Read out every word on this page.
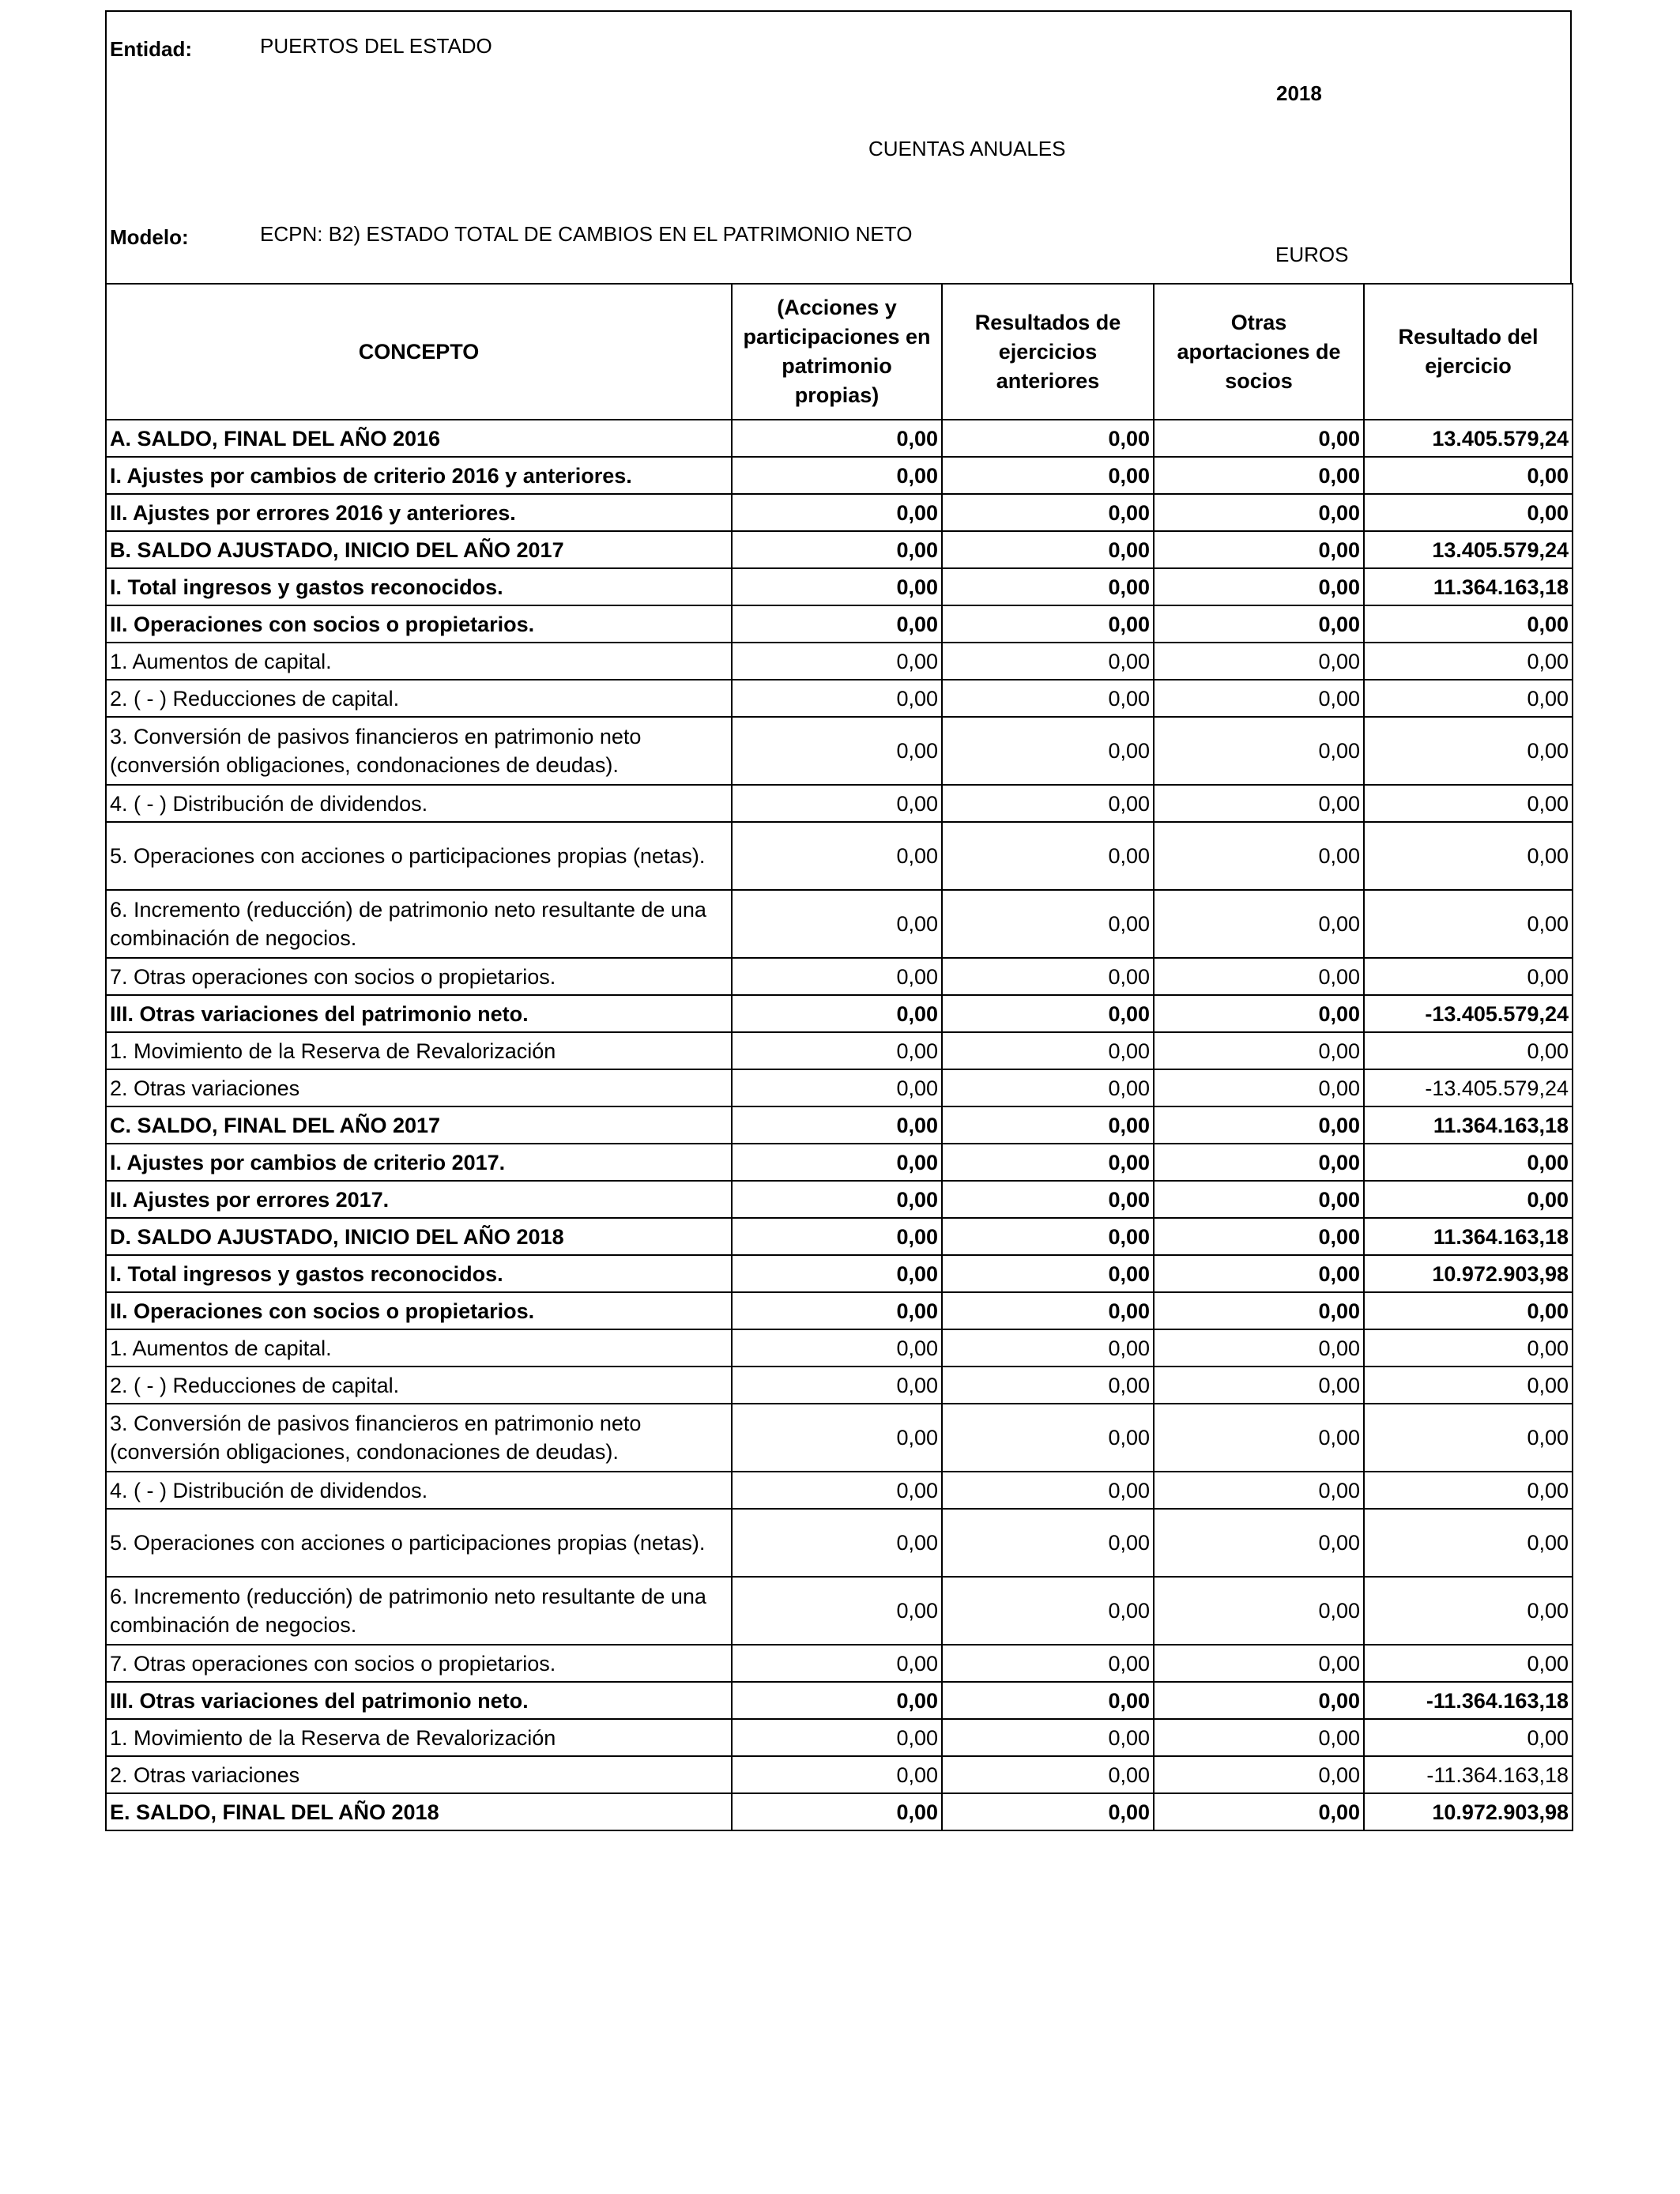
Entidad:	PUERTOS DEL ESTADO
2018
CUENTAS ANUALES
Modelo:	ECPN: B2) ESTADO TOTAL DE CAMBIOS EN EL PATRIMONIO NETO
EUROS
CONCEPTO	(Acciones y participaciones en patrimonio propias)	Resultados de ejercicios anteriores	Otras aportaciones de socios	Resultado del ejercicio
A. SALDO, FINAL DEL AÑO 2016	0,00	0,00	0,00	13.405.579,24
I. Ajustes por cambios de criterio 2016 y anteriores.	0,00	0,00	0,00	0,00
II. Ajustes por errores 2016 y anteriores.	0,00	0,00	0,00	0,00
B. SALDO AJUSTADO, INICIO DEL AÑO 2017	0,00	0,00	0,00	13.405.579,24
I. Total ingresos y gastos reconocidos.	0,00	0,00	0,00	11.364.163,18
II. Operaciones con socios o propietarios.	0,00	0,00	0,00	0,00
1. Aumentos de capital.	0,00	0,00	0,00	0,00
2. ( - ) Reducciones de capital.	0,00	0,00	0,00	0,00
3. Conversión de pasivos financieros en patrimonio neto (conversión obligaciones, condonaciones de deudas).	0,00	0,00	0,00	0,00
4. ( - ) Distribución de dividendos.	0,00	0,00	0,00	0,00
5. Operaciones con acciones o participaciones propias (netas).	0,00	0,00	0,00	0,00
6. Incremento (reducción) de patrimonio neto resultante de una combinación de negocios.	0,00	0,00	0,00	0,00
7. Otras operaciones con socios o propietarios.	0,00	0,00	0,00	0,00
III. Otras variaciones del patrimonio neto.	0,00	0,00	0,00	-13.405.579,24
1. Movimiento de la Reserva de Revalorización	0,00	0,00	0,00	0,00
2. Otras variaciones	0,00	0,00	0,00	-13.405.579,24
C. SALDO, FINAL DEL AÑO 2017	0,00	0,00	0,00	11.364.163,18
I. Ajustes por cambios de criterio 2017.	0,00	0,00	0,00	0,00
II. Ajustes por errores 2017.	0,00	0,00	0,00	0,00
D. SALDO AJUSTADO, INICIO DEL AÑO 2018	0,00	0,00	0,00	11.364.163,18
I. Total ingresos y gastos reconocidos.	0,00	0,00	0,00	10.972.903,98
II. Operaciones con socios o propietarios.	0,00	0,00	0,00	0,00
1. Aumentos de capital.	0,00	0,00	0,00	0,00
2. ( - ) Reducciones de capital.	0,00	0,00	0,00	0,00
3. Conversión de pasivos financieros en patrimonio neto (conversión obligaciones, condonaciones de deudas).	0,00	0,00	0,00	0,00
4. ( - ) Distribución de dividendos.	0,00	0,00	0,00	0,00
5. Operaciones con acciones o participaciones propias (netas).	0,00	0,00	0,00	0,00
6. Incremento (reducción) de patrimonio neto resultante de una combinación de negocios.	0,00	0,00	0,00	0,00
7. Otras operaciones con socios o propietarios.	0,00	0,00	0,00	0,00
III. Otras variaciones del patrimonio neto.	0,00	0,00	0,00	-11.364.163,18
1. Movimiento de la Reserva de Revalorización	0,00	0,00	0,00	0,00
2. Otras variaciones	0,00	0,00	0,00	-11.364.163,18
E. SALDO, FINAL DEL AÑO 2018	0,00	0,00	0,00	10.972.903,98
